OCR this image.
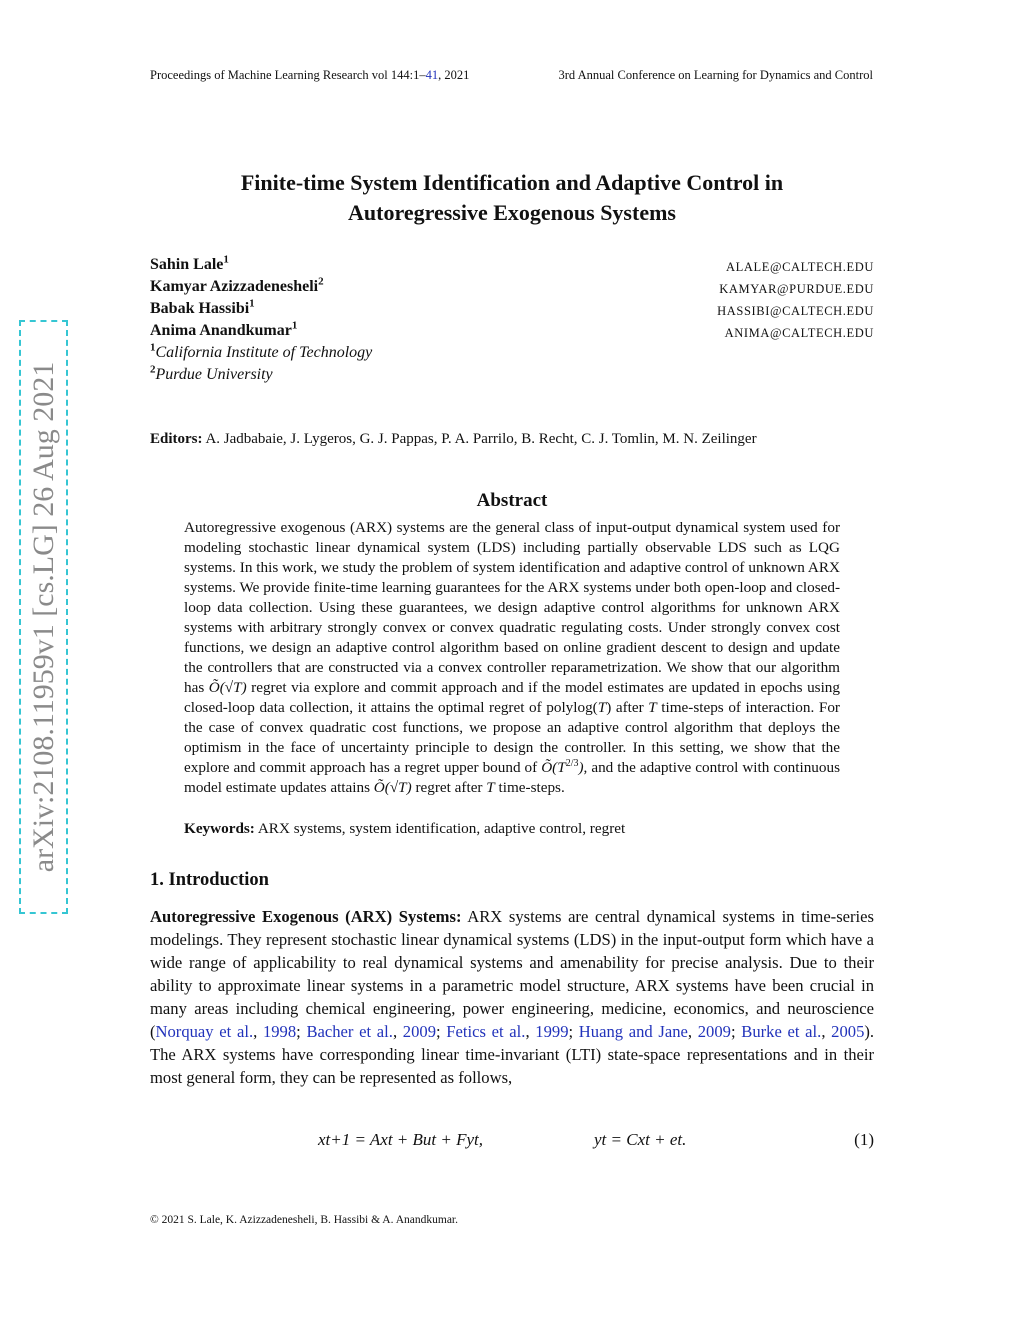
arXiv:2108.11959v1 [cs.LG] 26 Aug 2021
Proceedings of Machine Learning Research vol 144:1–41, 2021	3rd Annual Conference on Learning for Dynamics and Control
Finite-time System Identification and Adaptive Control in
Autoregressive Exogenous Systems
Sahin Lale$^1$
ALALE@CALTECH.EDU
Kamyar Azizzadenesheli$^2$
KAMYAR@PURDUE.EDU
Babak Hassibi$^1$
HASSIBI@CALTECH.EDU
Anima Anandkumar$^1$
ANIMA@CALTECH.EDU
$^1$California Institute of Technology
$^2$Purdue University
Editors: A. Jadbabaie, J. Lygeros, G. J. Pappas, P. A. Parrilo, B. Recht, C. J. Tomlin, M. N. Zeilinger
Abstract
Autoregressive exogenous (ARX) systems are the general class of input-output dynamical system used for modeling stochastic linear dynamical system (LDS) including partially observable LDS such as LQG systems. In this work, we study the problem of system identification and adaptive control of unknown ARX systems. We provide finite-time learning guarantees for the ARX systems under both open-loop and closed-loop data collection. Using these guarantees, we design adaptive control algorithms for unknown ARX systems with arbitrary strongly convex or convex quadratic regulating costs. Under strongly convex cost functions, we design an adaptive control algorithm based on online gradient descent to design and update the controllers that are constructed via a convex controller reparametrization. We show that our algorithm has Õ(√T) regret via explore and commit approach and if the model estimates are updated in epochs using closed-loop data collection, it attains the optimal regret of polylog(T) after T time-steps of interaction. For the case of convex quadratic cost functions, we propose an adaptive control algorithm that deploys the optimism in the face of uncertainty principle to design the controller. In this setting, we show that the explore and commit approach has a regret upper bound of $Õ(T^{2/3})$, and the adaptive control with continuous model estimate updates attains Õ(√T) regret after T time-steps.
Keywords: ARX systems, system identification, adaptive control, regret
1. Introduction
Autoregressive Exogenous (ARX) Systems: ARX systems are central dynamical systems in time-series modelings. They represent stochastic linear dynamical systems (LDS) in the input-output form which have a wide range of applicability to real dynamical systems and amenability for precise analysis. Due to their ability to approximate linear systems in a parametric model structure, ARX systems have been crucial in many areas including chemical engineering, power engineering, medicine, economics, and neuroscience (Norquay et al., 1998; Bacher et al., 2009; Fetics et al., 1999; Huang and Jane, 2009; Burke et al., 2005). The ARX systems have corresponding linear time-invariant (LTI) state-space representations and in their most general form, they can be represented as follows,
xt+1 = Axt + But + Fyt,	yt = Cxt + et.	(1)
© 2021 S. Lale, K. Azizzadenesheli, B. Hassibi & A. Anandkumar.
